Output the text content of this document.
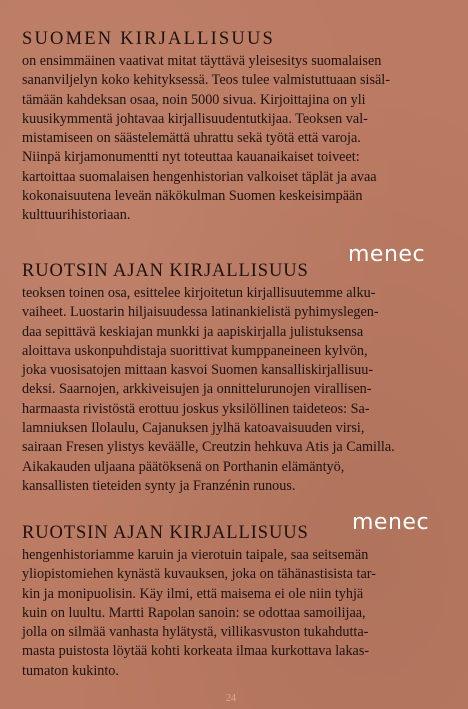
SUOMEN KIRJALLISUUS

on ensimmäinen vaativat mitat täyttävä yleisesitys suomalaisen
sananviljelyn koko kehityksessä. Teos tulee valmistuttuaan sisäl-
tämään kahdeksan osaa, noin 5000 sivua. Kirjoittajina on yli
kuusikymmentä johtavaa kirjallisuudentutkijaa. Teoksen val-
mistamiseen on säästelemättä uhrattu sekä työtä että varoja.
Niinpä kirjamonumentti nyt toteuttaa kauanaikaiset toiveet:
kartoittaa suomalaisen hengenhistorian valkoiset täplät ja avaa
kokonaisuutena leveän näkökulman Suomen keskeisimpään
kulttuurihistoriaan.

RUOTSIN AJAN KIRJALLISUUS

teoksen toinen osa, esittelee kirjoitetun kirjallisuutemme alku-
vaiheet. Luostarin hiljaisuudessa latinankielistä pyhimyslegen-
daa sepittävä keskiajan munkki ja aapiskirjalla julistuksensa
aloittava uskonpuhdistaja suorittivat kumppaneineen kylvön,
joka vuosisatojen mittaan kasvoi Suomen kansalliskirjallisuu-
deksi. Saarnojen, arkkiveisujen ja onnittelurunojen virallisen-
harmaasta rivistöstä erottuu joskus yksilöllinen taideteos: Sa-
lamniuksen Ilolaulu, Cajanuksen jylhä katoavaisuuden virsi,
sairaan Fresen ylistys keväälle, Creutzin hehkuva Atis ja Camilla.
Aikakauden uljaana päätöksenä on Porthanin elämäntyö,
kansallisten tieteiden synty ja Franzénin runous.

RUOTSIN AJAN KIRJALLISUUS

hengenhistoriamme karuin ja vierotuin taipale, saa seitsemän
yliopistomiehen kynästä kuvauksen, joka on tähänastisista tar-
kin ja monipuolisin. Käy ilmi, että maisema ei ole niin tyhjä
kuin on luultu. Martti Rapolan sanoin: se odottaa samoilijaa,
jolla on silmää vanhasta hylätystä, villikasvuston tukahdutta-
masta puistosta löytää kohti korkeata ilmaa kurkottava lakas-
tumaton kukinto.

menec
menec
24
